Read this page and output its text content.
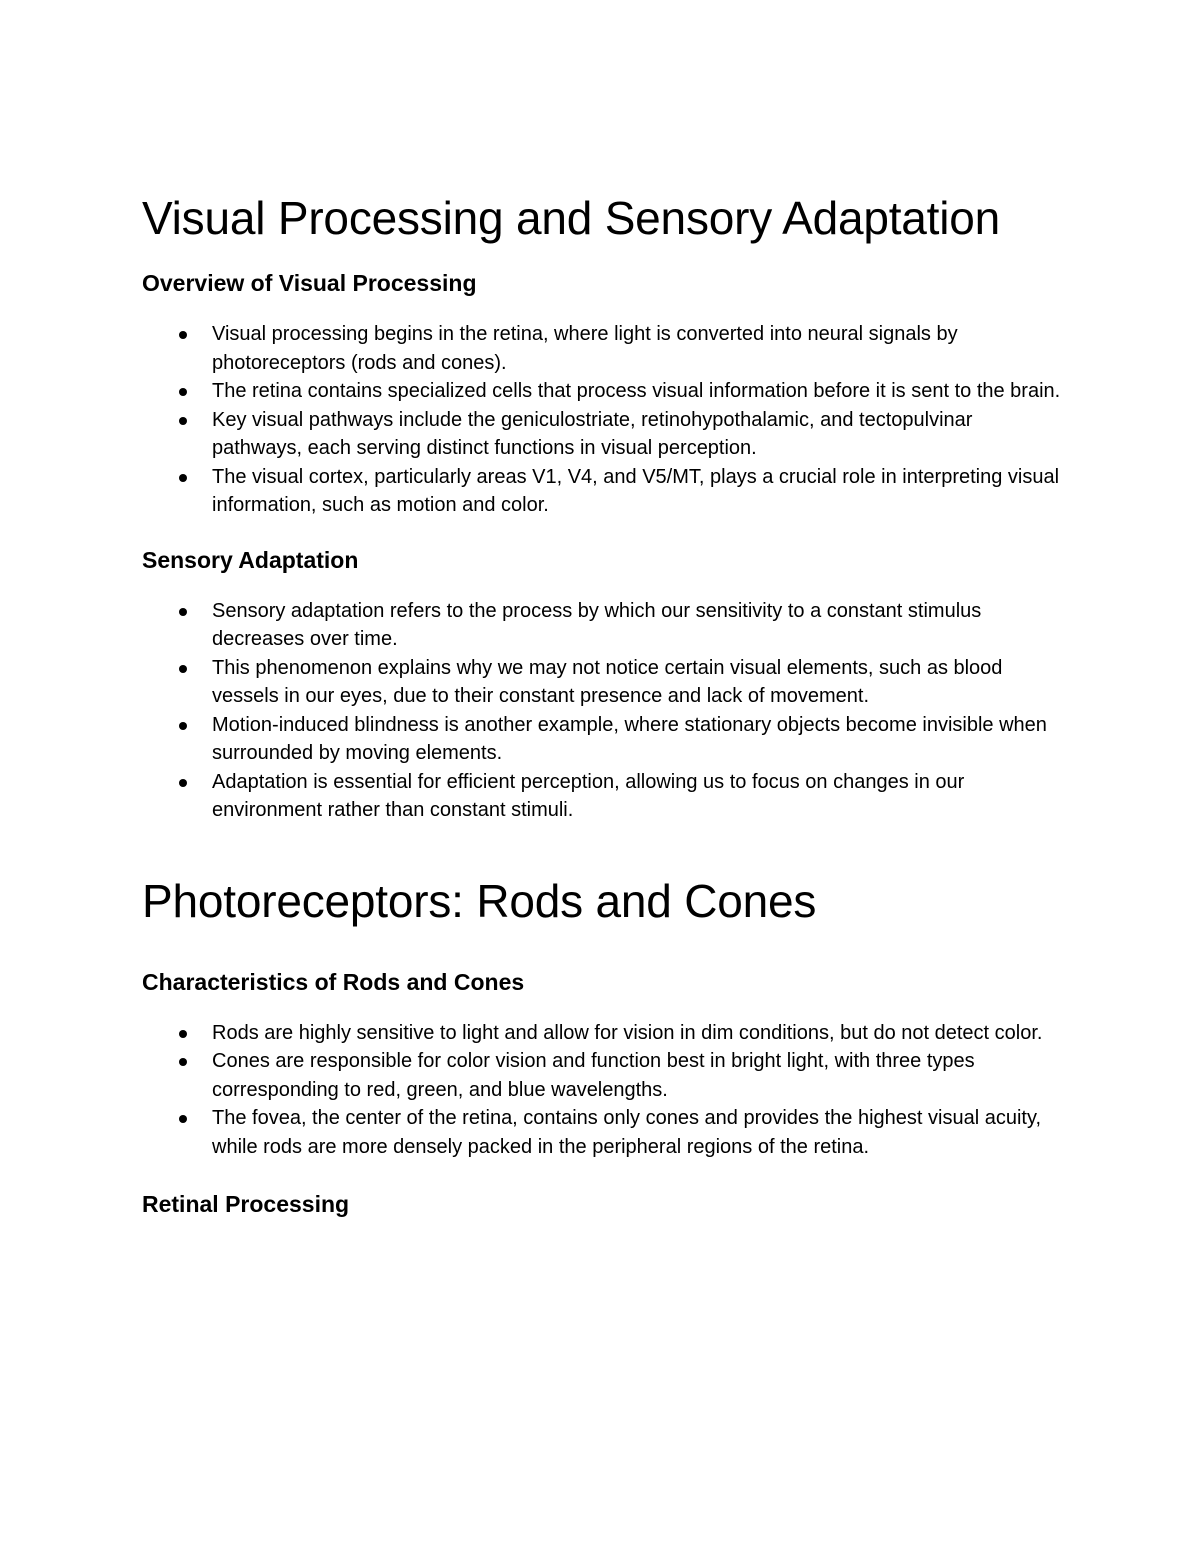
Visual Processing and Sensory Adaptation
Overview of Visual Processing
Visual processing begins in the retina, where light is converted into neural signals by photoreceptors (rods and cones).
The retina contains specialized cells that process visual information before it is sent to the brain.
Key visual pathways include the geniculostriate, retinohypothalamic, and tectopulvinar pathways, each serving distinct functions in visual perception.
The visual cortex, particularly areas V1, V4, and V5/MT, plays a crucial role in interpreting visual information, such as motion and color.
Sensory Adaptation
Sensory adaptation refers to the process by which our sensitivity to a constant stimulus decreases over time.
This phenomenon explains why we may not notice certain visual elements, such as blood vessels in our eyes, due to their constant presence and lack of movement.
Motion-induced blindness is another example, where stationary objects become invisible when surrounded by moving elements.
Adaptation is essential for efficient perception, allowing us to focus on changes in our environment rather than constant stimuli.
Photoreceptors: Rods and Cones
Characteristics of Rods and Cones
Rods are highly sensitive to light and allow for vision in dim conditions, but do not detect color.
Cones are responsible for color vision and function best in bright light, with three types corresponding to red, green, and blue wavelengths.
The fovea, the center of the retina, contains only cones and provides the highest visual acuity, while rods are more densely packed in the peripheral regions of the retina.
Retinal Processing
